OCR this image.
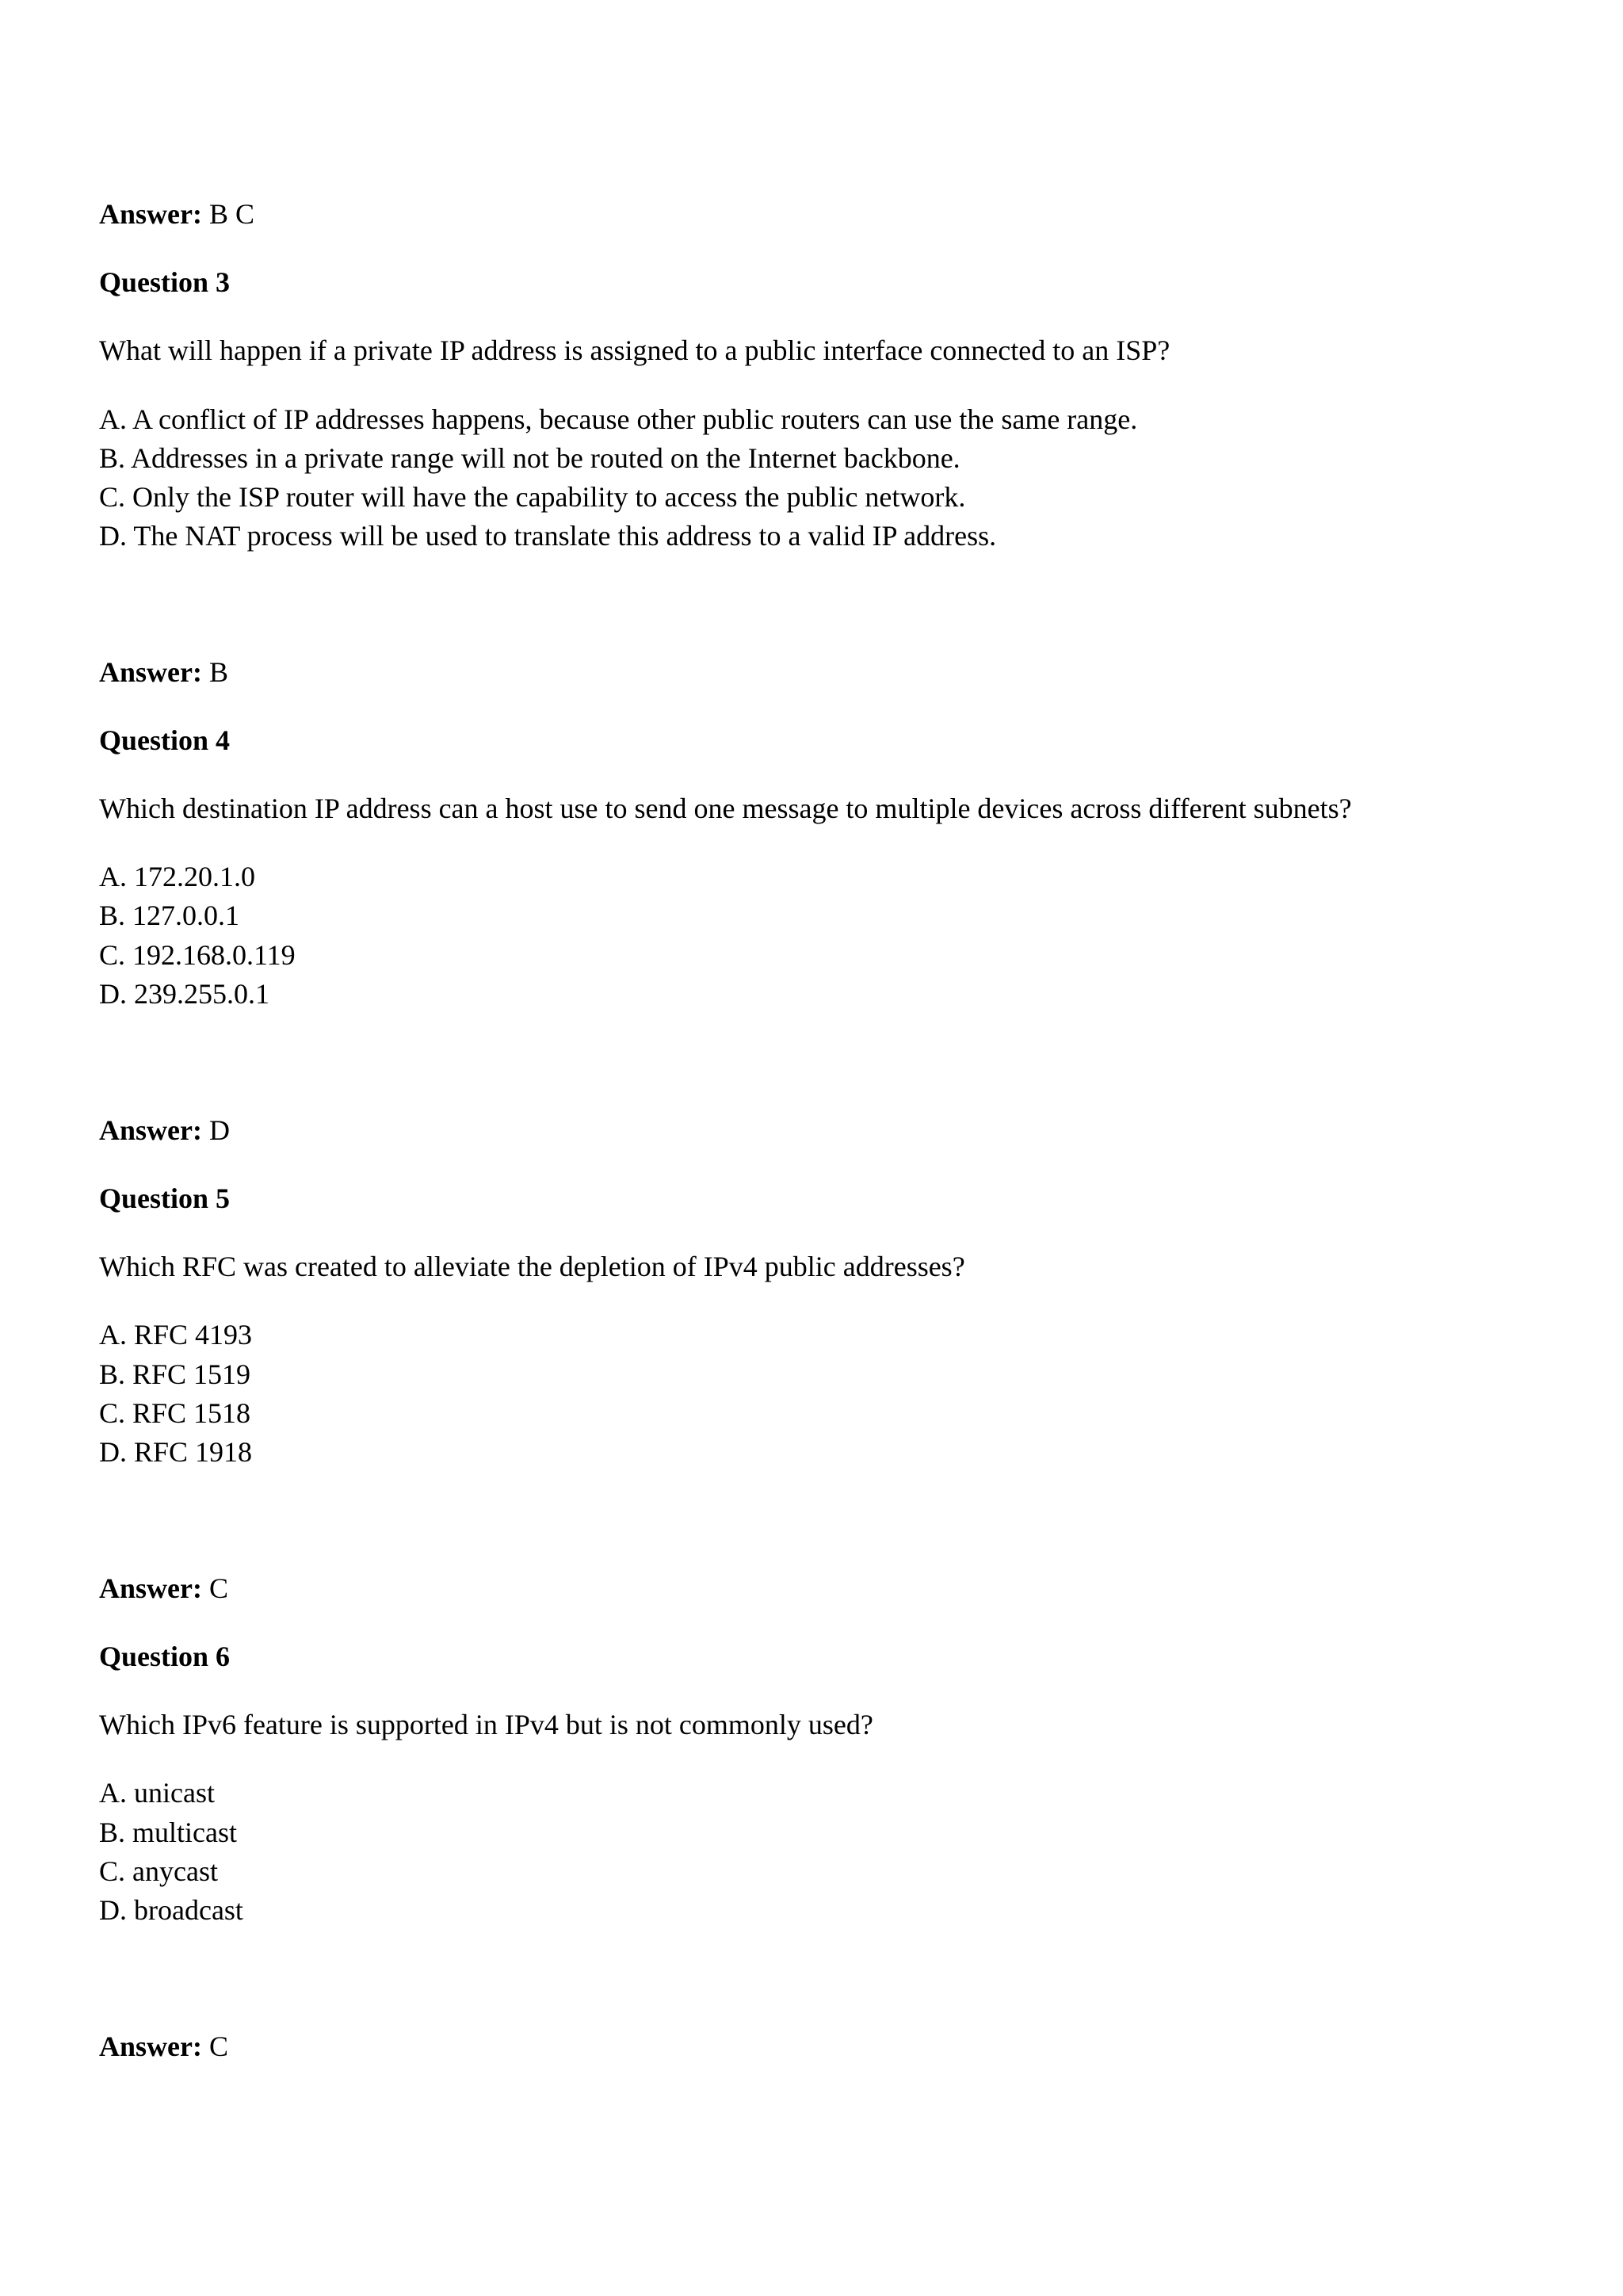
Answer: B C
Question 3
What will happen if a private IP address is assigned to a public interface connected to an ISP?
A. A conflict of IP addresses happens, because other public routers can use the same range.
B. Addresses in a private range will not be routed on the Internet backbone.
C. Only the ISP router will have the capability to access the public network.
D. The NAT process will be used to translate this address to a valid IP address.
Answer: B
Question 4
Which destination IP address can a host use to send one message to multiple devices across different subnets?
A. 172.20.1.0
B. 127.0.0.1
C. 192.168.0.119
D. 239.255.0.1
Answer: D
Question 5
Which RFC was created to alleviate the depletion of IPv4 public addresses?
A. RFC 4193
B. RFC 1519
C. RFC 1518
D. RFC 1918
Answer: C
Question 6
Which IPv6 feature is supported in IPv4 but is not commonly used?
A. unicast
B. multicast
C. anycast
D. broadcast
Answer: C
